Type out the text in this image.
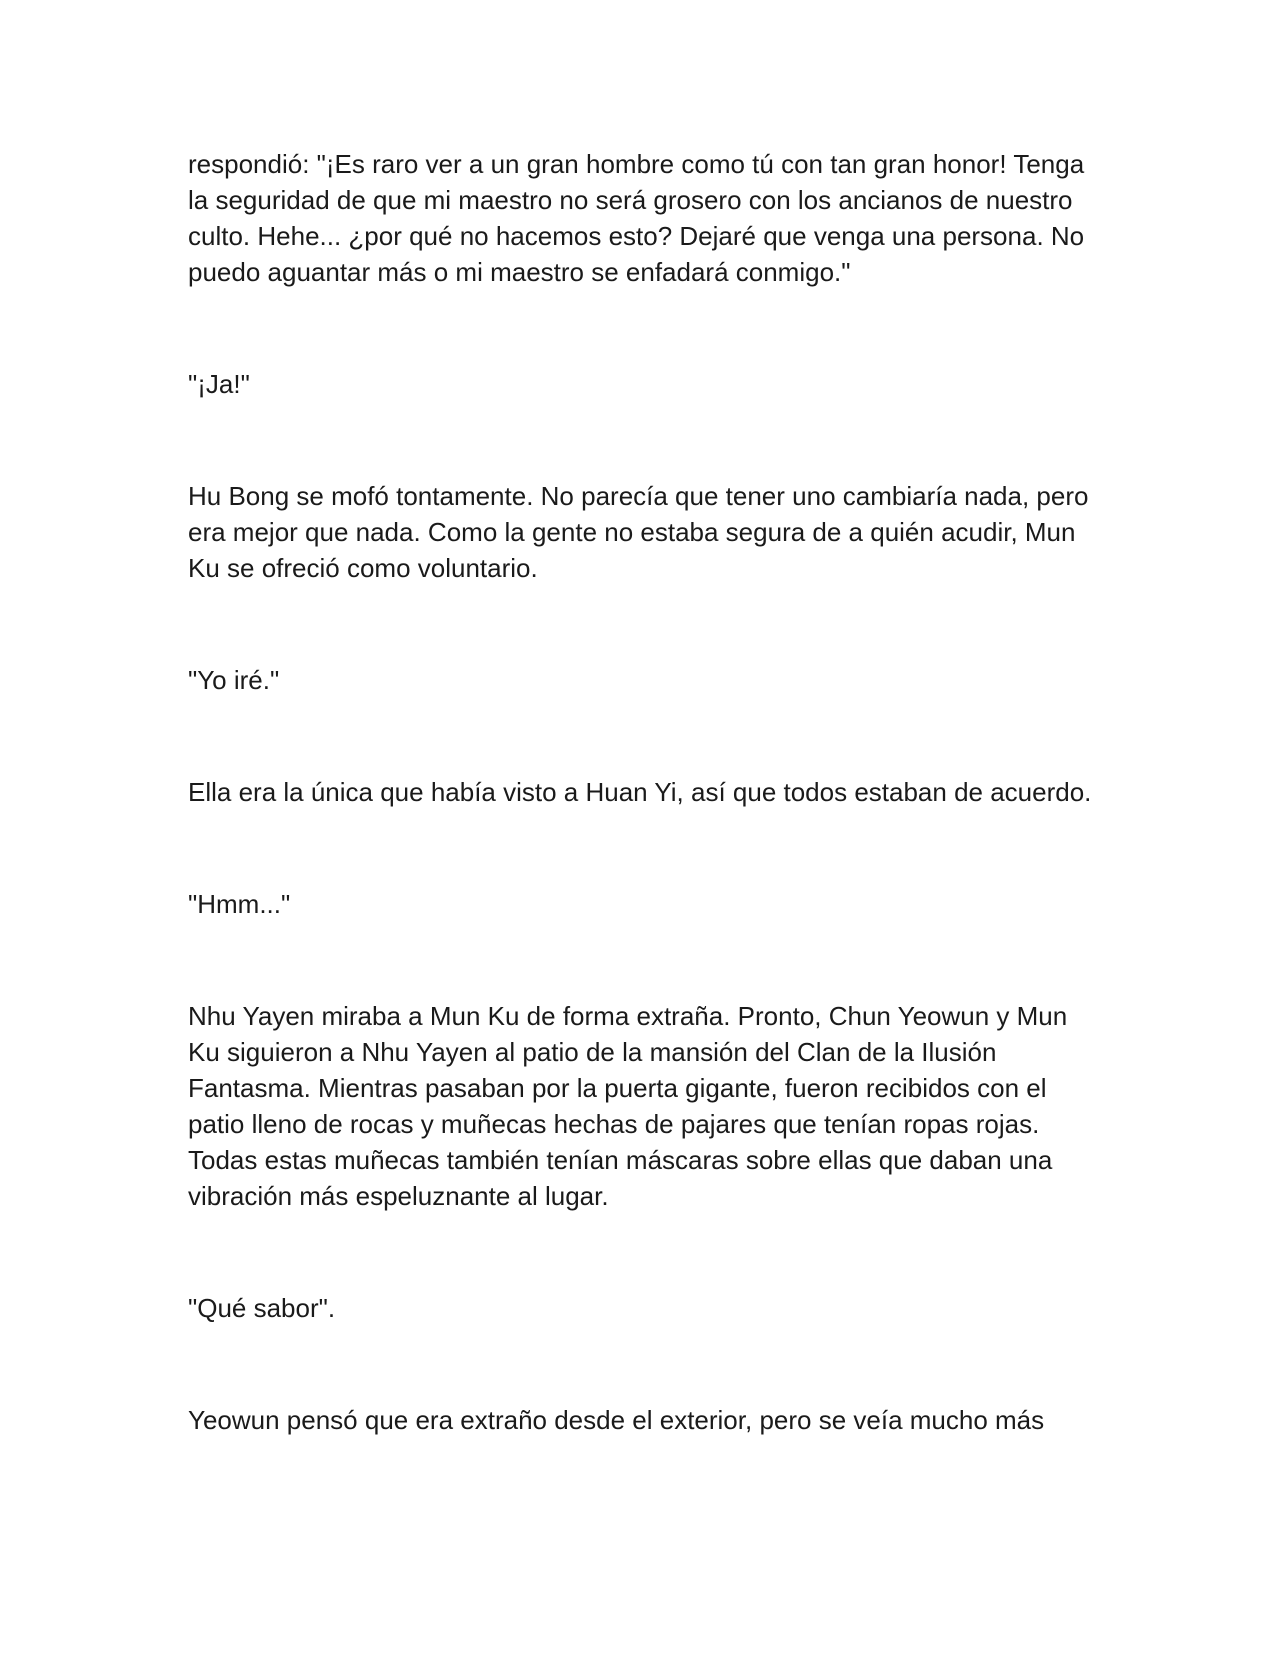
respondió: "¡Es raro ver a un gran hombre como tú con tan gran honor! Tenga la seguridad de que mi maestro no será grosero con los ancianos de nuestro culto. Hehe... ¿por qué no hacemos esto? Dejaré que venga una persona. No puedo aguantar más o mi maestro se enfadará conmigo."

"¡Ja!"

Hu Bong se mofó tontamente. No parecía que tener uno cambiaría nada, pero era mejor que nada. Como la gente no estaba segura de a quién acudir, Mun Ku se ofreció como voluntario.

"Yo iré."

Ella era la única que había visto a Huan Yi, así que todos estaban de acuerdo.

"Hmm..."

Nhu Yayen miraba a Mun Ku de forma extraña. Pronto, Chun Yeowun y Mun Ku siguieron a Nhu Yayen al patio de la mansión del Clan de la Ilusión Fantasma. Mientras pasaban por la puerta gigante, fueron recibidos con el patio lleno de rocas y muñecas hechas de pajares que tenían ropas rojas. Todas estas muñecas también tenían máscaras sobre ellas que daban una vibración más espeluznante al lugar.

"Qué sabor".

Yeowun pensó que era extraño desde el exterior, pero se veía mucho más
